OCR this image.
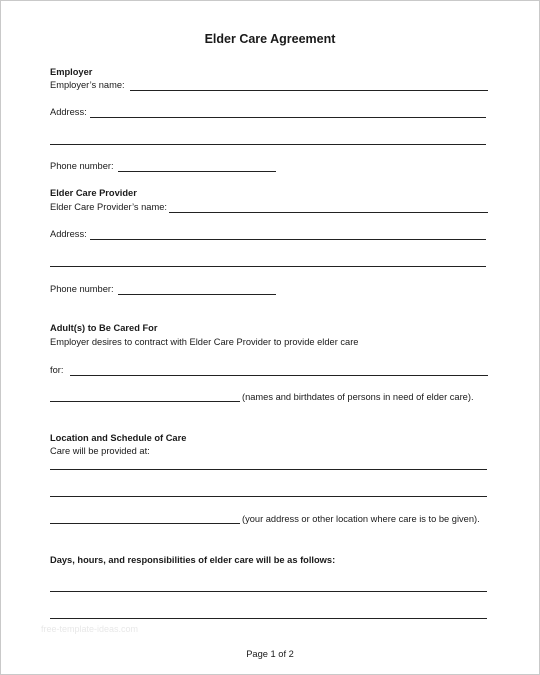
Elder Care Agreement
Employer
Employer’s name:
Address:
Phone number:
Elder Care Provider
Elder Care Provider’s name:
Address:
Phone number:
Adult(s) to Be Cared For
Employer desires to contract with Elder Care Provider to provide elder care
for:
(names and birthdates of persons in need of elder care).
Location and Schedule of Care
Care will be provided at:
(your address or other location where care is to be given).
Days, hours, and responsibilities of elder care will be as follows:
free-template-ideas.com
Page 1 of 2
